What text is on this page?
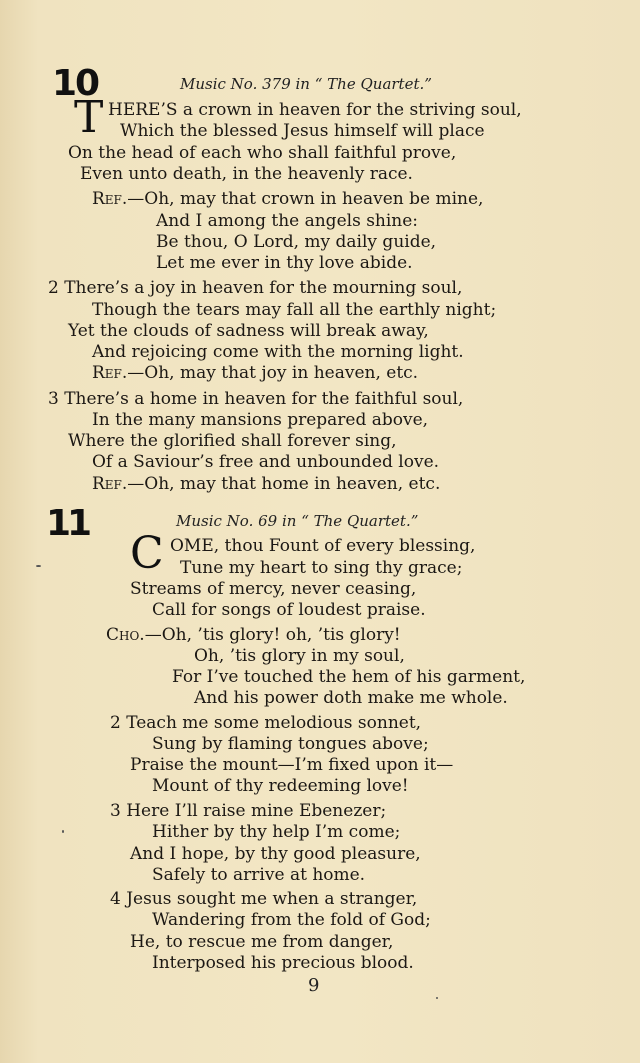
10	Music No. 379 in “ The Quartet.”
T HERE’S a crown in heaven for the striving soul,
Which the blessed Jesus himself will place
On the head of each who shall faithful prove,
Even unto death, in the heavenly race.
Ref.—Oh, may that crown in heaven be mine,
And I among the angels shine:
Be thou, O Lord, my daily guide,
Let me ever in thy love abide.
2 There’s a joy in heaven for the mourning soul,
Though the tears may fall all the earthly night;
Yet the clouds of sadness will break away,
And rejoicing come with the morning light.
Ref.—Oh, may that joy in heaven, etc.
3 There’s a home in heaven for the faithful soul,
In the many mansions prepared above,
Where the glorified shall forever sing,
Of a Saviour’s free and unbounded love.
Ref.—Oh, may that home in heaven, etc.
11	Music No. 69 in “ The Quartet.”
C OME, thou Fount of every blessing,
Tune my heart to sing thy grace;
Streams of mercy, never ceasing,
Call for songs of loudest praise.
Cho.—Oh, ’tis glory! oh, ’tis glory!
Oh, ’tis glory in my soul,
For I’ve touched the hem of his garment,
And his power doth make me whole.
2 Teach me some melodious sonnet,
Sung by flaming tongues above;
Praise the mount—I’m fixed upon it—
Mount of thy redeeming love!
3 Here I’ll raise mine Ebenezer;
Hither by thy help I’m come;
And I hope, by thy good pleasure,
Safely to arrive at home.
4 Jesus sought me when a stranger,
Wandering from the fold of God;
He, to rescue me from danger,
Interposed his precious blood.
9
